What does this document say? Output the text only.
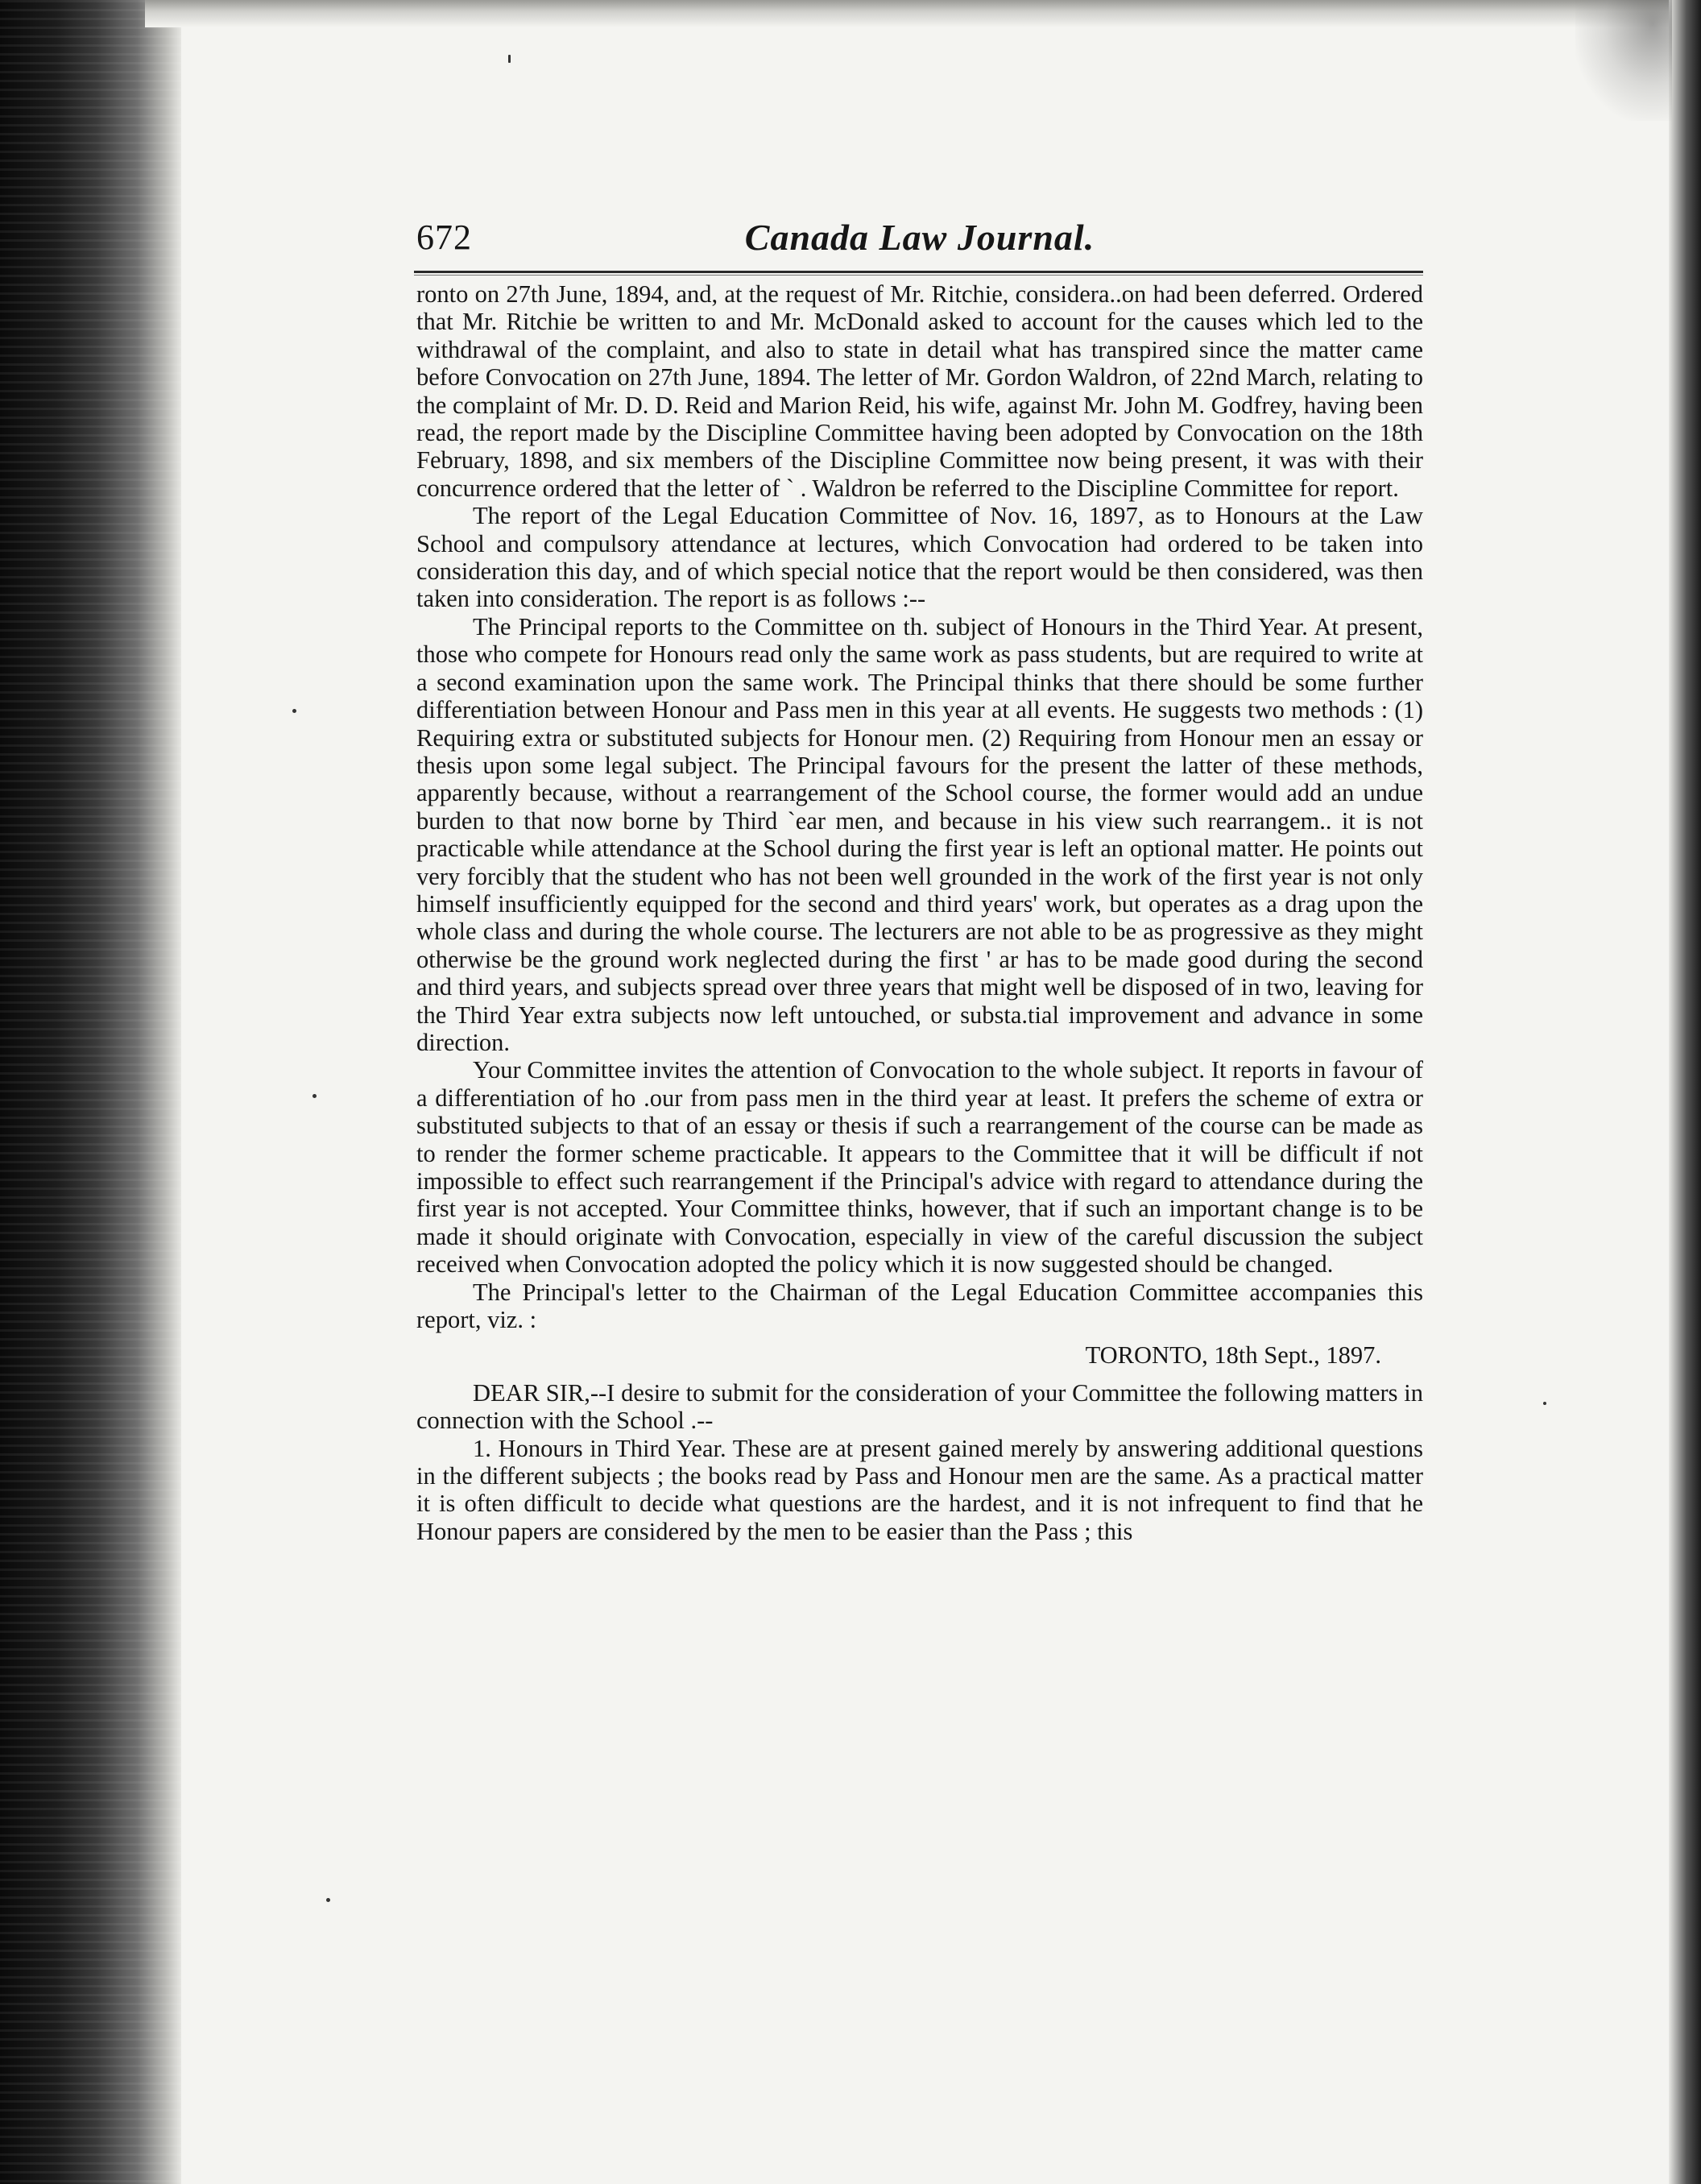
672	Canada Law Journal.

ronto on 27th June, 1894, and, at the request of Mr. Ritchie, considera..on had been deferred. Ordered that Mr. Ritchie be written to and Mr. McDonald asked to account for the causes which led to the withdrawal of the complaint, and also to state in detail what has transpired since the matter came before Convocation on 27th June, 1894. The letter of Mr. Gordon Waldron, of 22nd March, relating to the complaint of Mr. D. D. Reid and Marion Reid, his wife, against Mr. John M. Godfrey, having been read, the report made by the Discipline Committee having been adopted by Convocation on the 18th February, 1898, and six members of the Discipline Committee now being present, it was with their concurrence ordered that the letter of ` . Waldron be referred to the Discipline Committee for report.

The report of the Legal Education Committee of Nov. 16, 1897, as to Honours at the Law School and compulsory attendance at lectures, which Convocation had ordered to be taken into consideration this day, and of which special notice that the report would be then considered, was then taken into consideration. The report is as follows :--

The Principal reports to the Committee on th. subject of Honours in the Third Year. At present, those who compete for Honours read only the same work as pass students, but are required to write at a second examination upon the same work. The Principal thinks that there should be some further differentiation between Honour and Pass men in this year at all events. He suggests two methods : (1) Requiring extra or substituted subjects for Honour men. (2) Requiring from Honour men an essay or thesis upon some legal subject. The Principal favours for the present the latter of these methods, apparently because, without a rearrangement of the School course, the former would add an undue burden to that now borne by Third `ear men, and because in his view such rearrangem.. it is not practicable while attendance at the School during the first year is left an optional matter. He points out very forcibly that the student who has not been well grounded in the work of the first year is not only himself insufficiently equipped for the second and third years' work, but operates as a drag upon the whole class and during the whole course. The lecturers are not able to be as progressive as they might otherwise be the ground work neglected during the first ' ar has to be made good during the second and third years, and subjects spread over three years that might well be disposed of in two, leaving for the Third Year extra subjects now left untouched, or substa.tial improvement and advance in some direction.

Your Committee invites the attention of Convocation to the whole subject. It reports in favour of a differentiation of ho .our from pass men in the third year at least. It prefers the scheme of extra or substituted subjects to that of an essay or thesis if such a rearrangement of the course can be made as to render the former scheme practicable. It appears to the Committee that it will be difficult if not impossible to effect such rearrangement if the Principal's advice with regard to attendance during the first year is not accepted. Your Committee thinks, however, that if such an important change is to be made it should originate with Convocation, especially in view of the careful discussion the subject received when Convocation adopted the policy which it is now suggested should be changed.

The Principal's letter to the Chairman of the Legal Education Committee accompanies this report, viz. :

TORONTO, 18th Sept., 1897.

DEAR SIR,--I desire to submit for the consideration of your Committee the following matters in connection with the School .--

1. Honours in Third Year. These are at present gained merely by answering additional questions in the different subjects ; the books read by Pass and Honour men are the same. As a practical matter it is often difficult to decide what questions are the hardest, and it is not infrequent to find that he Honour papers are considered by the men to be easier than the Pass ; this
